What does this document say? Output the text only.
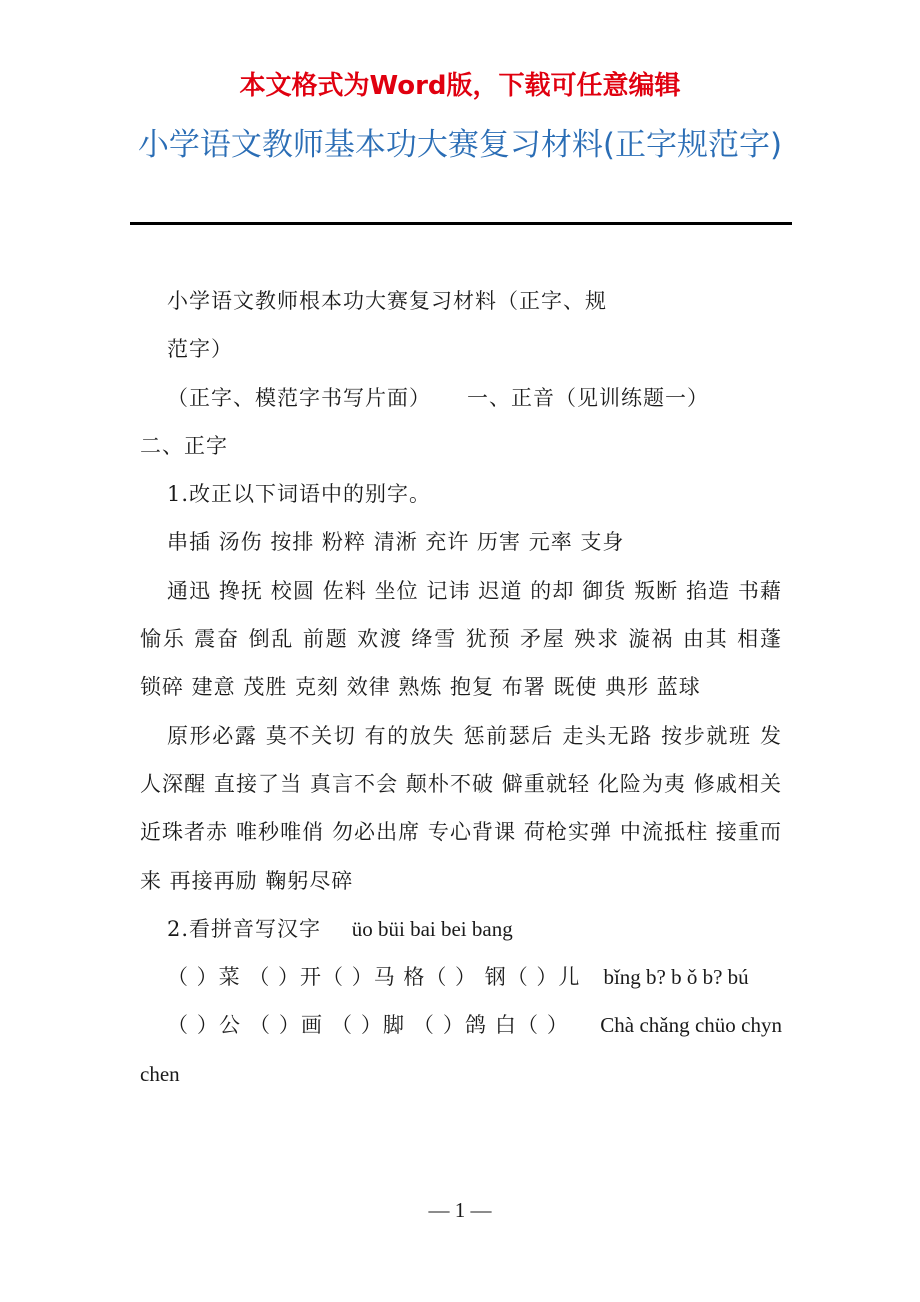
本文格式为Word版，下载可任意编辑
小学语文教师基本功大赛复习材料(正字规范字)

小学语文教师根本功大赛复习材料（正字、规

范字）

（正字、模范字书写片面） 一、正音（见训练题一）

二、正字

1.改正以下词语中的别字。

串插 汤伤 按排 粉粹 清淅 充许 历害 元率 支身

通迅 搀抚 校圆 佐料 坐位 记讳 迟道 的却 御货 叛断 掐造 书藉 愉乐 震奋 倒乱 前题 欢渡 绛雪 犹预 矛屋 殃求 漩祸 由其 相蓬 锁碎 建意 茂胜 克刻 效律 熟炼 抱复 布署 既使 典形 蓝球

原形必露 莫不关切 有的放失 惩前瑟后 走头无路 按步就班 发人深醒 直接了当 真言不会 颠朴不破 僻重就轻 化险为夷 修戚相关 近珠者赤 唯秒唯俏 勿必出席 专心背课 荷枪实弹 中流抵柱 接重而来 再接再励 鞠躬尽碎

2.看拼音写汉字 üo büi bai bei bang

（ ）菜 （ ）开（ ）马 格（ ） 钢（ ）儿 bǐng b? b ǒ b? bú

（ ）公 （ ）画 （ ）脚 （ ）鸽 白（ ） Chà chǎng chüo chyn chen

— 1 —
